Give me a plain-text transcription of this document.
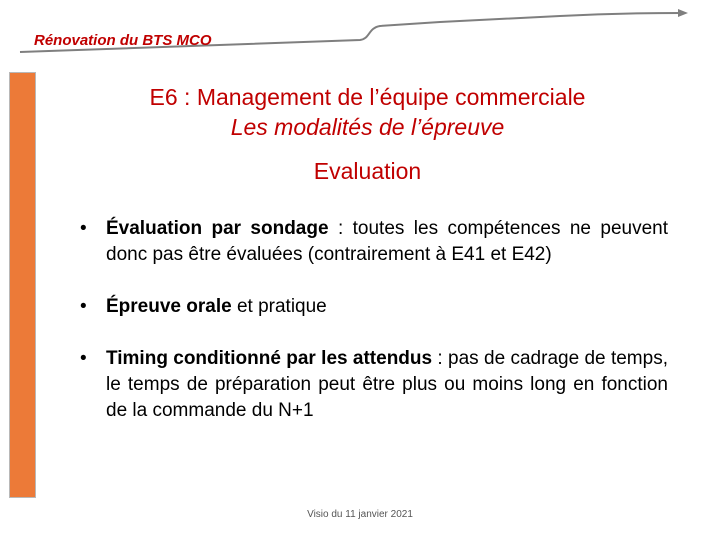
Rénovation du BTS MCO
E6 : Management de l’équipe commerciale
Les modalités de l’épreuve
Evaluation
• Évaluation par sondage : toutes les compétences ne peuvent donc pas être évaluées (contrairement à E41 et E42)
• Épreuve orale et pratique
• Timing conditionné par les attendus : pas de cadrage de temps, le temps de préparation peut être plus ou moins long en fonction de la commande du N+1
Visio du 11 janvier 2021
